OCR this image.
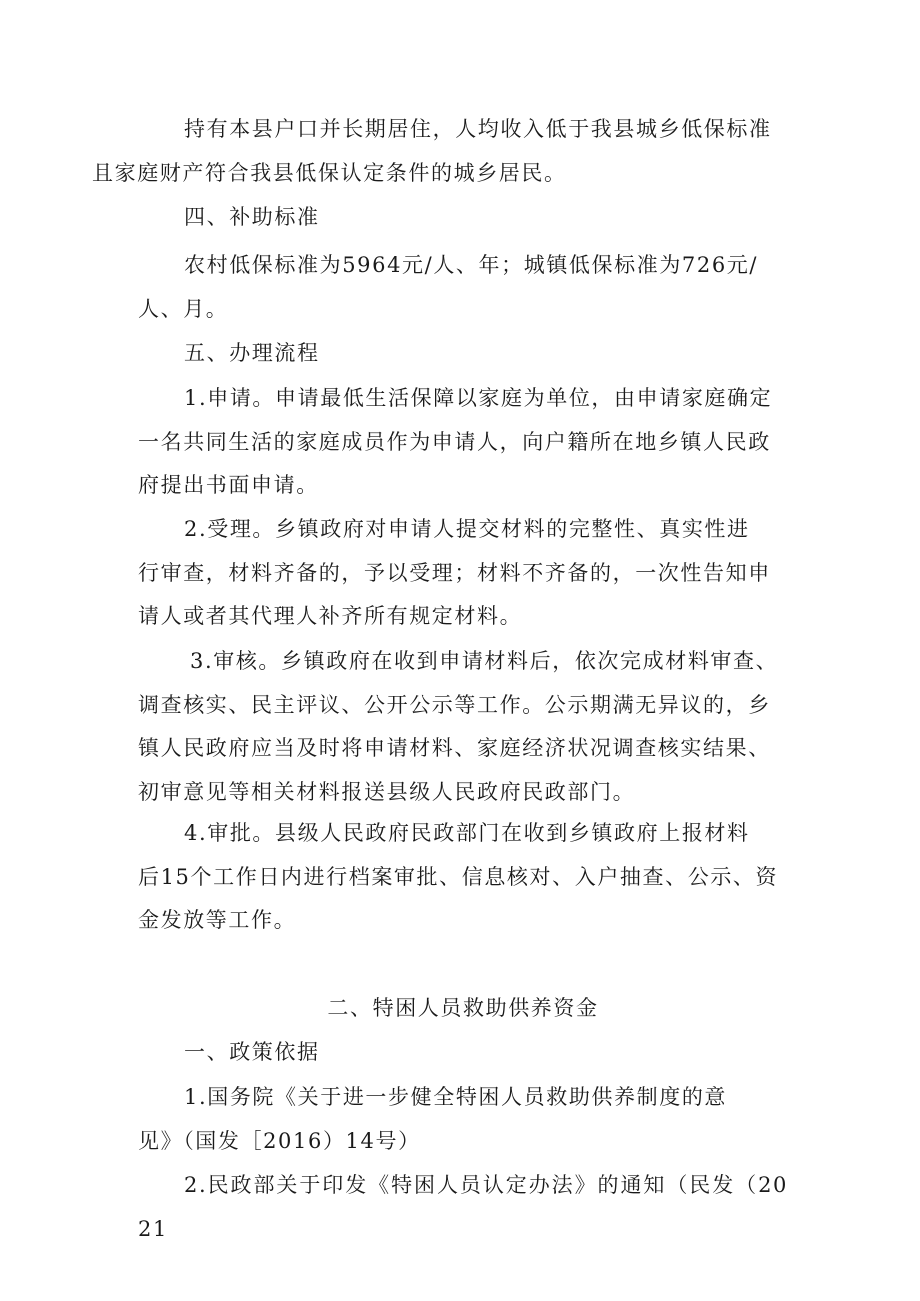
持有本县户口并长期居住，人均收入低于我县城乡低保标准
且家庭财产符合我县低保认定条件的城乡居民。

四、补助标准

农村低保标准为5964元/人、年；城镇低保标准为726元/
人、月。

五、办理流程

1.申请。申请最低生活保障以家庭为单位，由申请家庭确定
一名共同生活的家庭成员作为申请人，向户籍所在地乡镇人民政
府提出书面申请。

2.受理。乡镇政府对申请人提交材料的完整性、真实性进
行审查，材料齐备的，予以受理；材料不齐备的，一次性告知申
请人或者其代理人补齐所有规定材料。

3.审核。乡镇政府在收到申请材料后，依次完成材料审查、
调查核实、民主评议、公开公示等工作。公示期满无异议的，乡
镇人民政府应当及时将申请材料、家庭经济状况调查核实结果、
初审意见等相关材料报送县级人民政府民政部门。

4.审批。县级人民政府民政部门在收到乡镇政府上报材料
后15个工作日内进行档案审批、信息核对、入户抽查、公示、资
金发放等工作。

二、特困人员救助供养资金

一、政策依据

1.国务院《关于进一步健全特困人员救助供养制度的意
见》（国发［2016）14号）

2.民政部关于印发《特困人员认定办法》的通知（民发（2021
